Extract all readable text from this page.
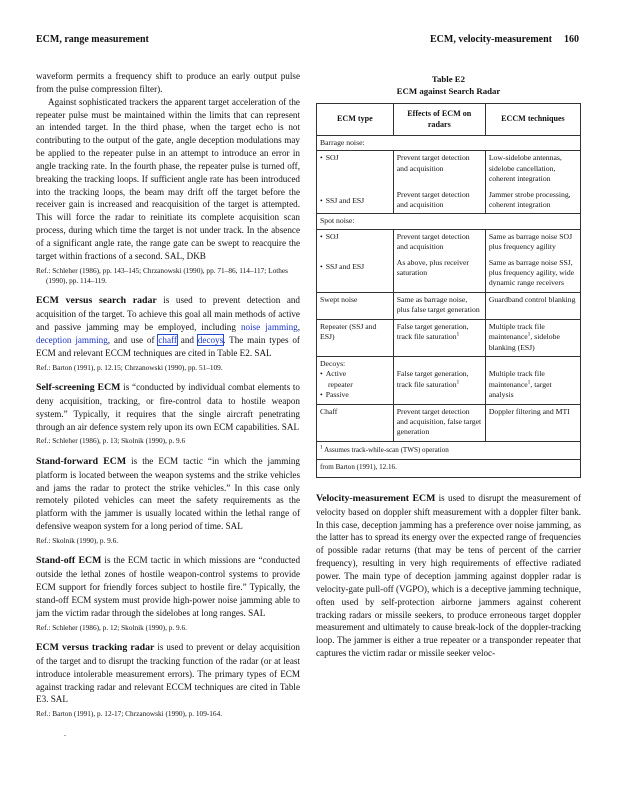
ECM, range measurement	ECM, velocity-measurement 160

waveform permits a frequency shift to produce an early output pulse from the pulse compression filter).

Against sophisticated trackers the apparent target acceleration of the repeater pulse must be maintained within the limits that can represent an intended target. In the third phase, when the target echo is not contributing to the output of the gate, angle deception modulations may be applied to the repeater pulse in an attempt to introduce an error in angle tracking rate. In the fourth phase, the repeater pulse is turned off, breaking the tracking loops. If sufficient angle rate has been introduced into the tracking loops, the beam may drift off the target before the receiver gain is increased and reacquisition of the target is attempted. This will force the radar to reinitiate its complete acquisition scan process, during which time the target is not under track. In the absence of a significant angle rate, the range gate can be swept to reacquire the target within fractions of a second. SAL, DKB

Ref.: Schleher (1986), pp. 143–145; Chrzanowski (1990), pp. 71–86, 114–117; Lothes (1990), pp. 114–119.

ECM versus search radar is used to prevent detection and acquisition of the target. To achieve this goal all main methods of active and passive jamming may be employed, including noise jamming, deception jamming, and use of chaff and decoys. The main types of ECM and relevant ECCM techniques are cited in Table E2. SAL

Ref.: Barton (1991), p. 12.15; Chrzanowski (1990), pp. 51–109.

Self-screening ECM is “conducted by individual combat elements to deny acquisition, tracking, or fire-control data to hostile weapon system.” Typically, it requires that the single aircraft penetrating through an air defence system rely upon its own ECM capabilities. SAL

Ref.: Schleher (1986), p. 13; Skolnik (1990), p. 9.6

Stand-forward ECM is the ECM tactic “in which the jamming platform is located between the weapon systems and the strike vehicles and jams the radar to protect the strike vehicles.” In this case only remotely piloted vehicles can meet the safety requirements as the platform with the jammer is usually located within the lethal range of defensive weapon system for a long period of time. SAL

Ref.: Skolnik (1990), p. 9.6.

Stand-off ECM is the ECM tactic in which missions are “conducted outside the lethal zones of hostile weapon-control systems to provide ECM support for friendly forces subject to hostile fire.” Typically, the stand-off ECM system must provide high-power noise jamming able to jam the victim radar through the sidelobes at long ranges. SAL

Ref.: Schleher (1986), p. 12; Skolnik (1990), p. 9.6.

ECM versus tracking radar is used to prevent or delay acquisition of the target and to disrupt the tracking function of the radar (or at least introduce intolerable measurement errors). The primary types of ECM against tracking radar and relevant ECCM techniques are cited in Table E3. SAL

Ref.: Barton (1991), p. 12-17; Chrzanowski (1990), p. 109-164.

.
Table E2
ECM against Search Radar
ECM type	Effects of ECM on radars	ECCM techniques
Barrage noise:		
• SOJ	Prevent target detection and acquisition	Low-sidelobe antennas, sidelobe cancellation, coherent integration
• SSJ and ESJ	Prevent target detection and acquisition	Jammer strobe processing, coherent integration
Spot noise:		
• SOJ	Prevent target detection and acquisition	Same as barrage noise SOJ plus frequency agility
• SSJ and ESJ	As above, plus receiver saturation	Same as barrage noise SSJ, plus frequency agility, wide dynamic range receivers
Swept noise	Same as barrage noise, plus false target generation	Guardband control blanking
Repeater (SSJ and ESJ)	False target generation, track file saturation$^1$	Multiple track file maintenance$^1$, sidelobe blanking (ESJ)

Decoys:
• Active
repeater
• Passive	False target generation, track file saturation$^1$	Multiple track file maintenance$^1$, target analysis
Chaff	Prevent target detection and acquisition, false target generation	Doppler filtering and MTI
$^1$ Assumes track-while-scan (TWS) operation
from Barton (1991), 12.16.

Velocity-measurement ECM is used to disrupt the measurement of velocity based on doppler shift measurement with a doppler filter bank. In this case, deception jamming has a preference over noise jamming, as the latter has to spread its energy over the expected range of frequencies of possible radar returns (that may be tens of percent of the carrier frequency), resulting in very high requirements of effective radiated power. The main type of deception jamming against doppler radar is velocity-gate pull-off (VGPO), which is a deceptive jamming technique, often used by self-protection airborne jammers against coherent tracking radars or missile seekers, to produce erroneous target doppler measurement and ultimately to cause break-lock of the doppler-tracking loop. The jammer is either a true repeater or a transponder repeater that captures the victim radar or missile seeker veloc-
